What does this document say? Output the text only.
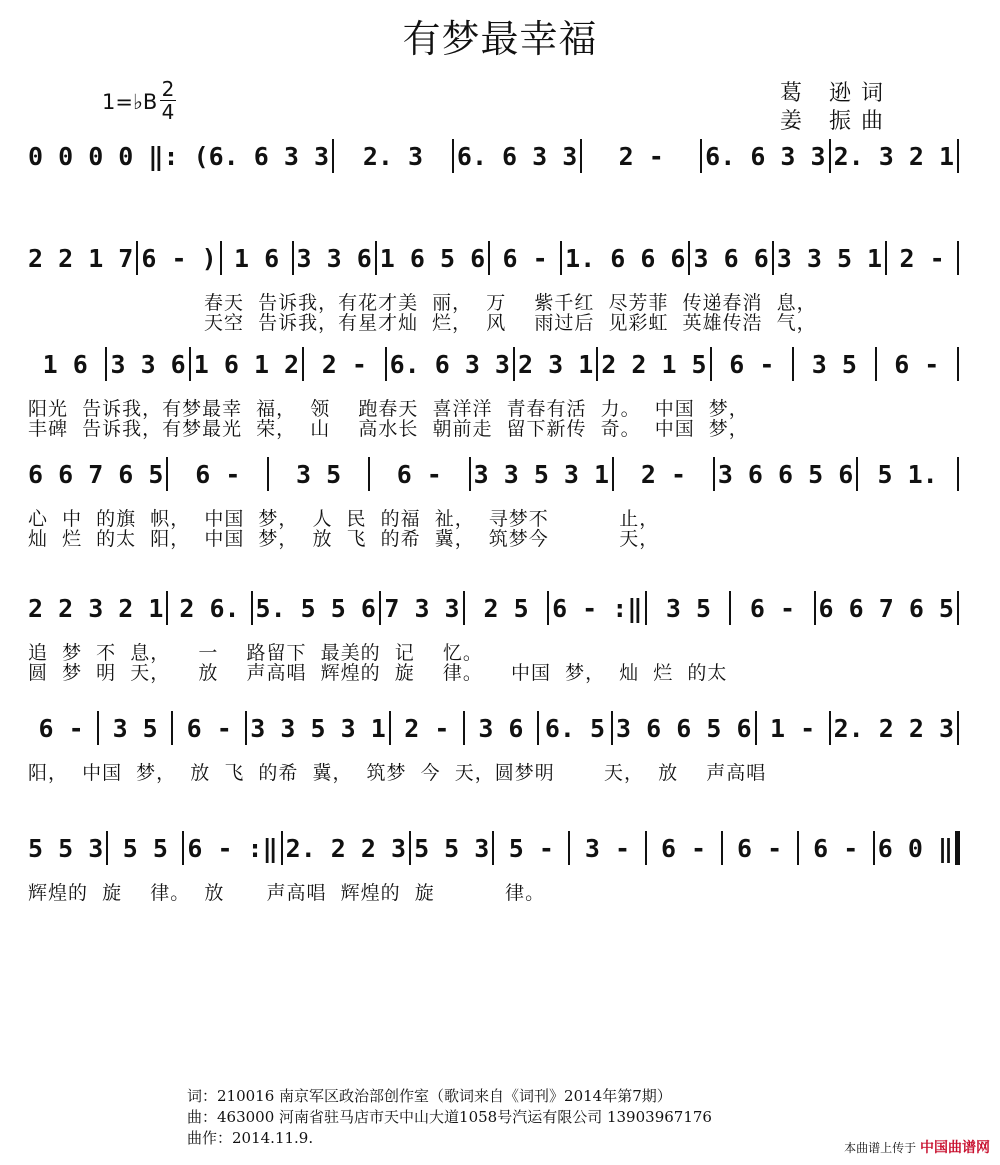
有梦最幸福
1=♭B
2
4
葛 逊词
姜 振曲
0 0 0 0 ‖: (6. 6 3 3	2. 3	6. 6 3 3	2 -	6. 6 3 3 2. 3 2 1
2 2 1 7 6 - ) 1 6 3 3 6 1 6 5 6 6 - 1. 6 6 6 3 6 6 3 3 5 1 2 -
春天  告诉我，有花才美  丽，  万    紫千红  尽芳菲  传递春消  息，
天空  告诉我，有星才灿  烂，  风    雨过后  见彩虹  英雄传浩  气，
1 6 3 3 6 1 6 1 2 2 - 6. 6 3 3 2 3 1 2 2 1 5 6 -	3 5	6 -
阳光  告诉我，有梦最幸  福，  领    跑春天  喜洋洋  青春有活  力。  中国  梦，
丰碑  告诉我，有梦最光  荣，  山    高水长  朝前走  留下新传  奇。  中国  梦，
6 6 7 6 5	6 -	3 5	6 -	3 3 5 3 1	2 -	3 6 6 5 6 5 1.
心  中  的旗  帜，  中国  梦，  人  民  的福  祉，  寻梦不          止，
灿  烂  的太  阳，  中国  梦，  放  飞  的希  冀，  筑梦今          天，
2 2 3 2 1 2 6. 5. 5 5 6 7 3 3 2 5 6 - :‖ 3 5	6 - 6 6 7 6 5
追  梦  不  息，    一    路留下  最美的  记    忆。
圆  梦  明  天，    放    声高唱  辉煌的  旋    律。    中国  梦，  灿  烂  的太
6 -	3 5	6 - 3 3 5 3 1 2 -	3 6 6. 5 3 6 6 5 6 1 - 2. 2 2 3
阳，  中国  梦，  放  飞  的希  冀，  筑梦  今  天，圆梦明       天，  放    声高唱
5 5 3 5 5 6 - :‖ 2. 2 2 3 5 5 3 5 -	3 -	6 -	6 -	6 - 6 0 ‖
辉煌的  旋    律。  放      声高唱  辉煌的  旋          律。
词：210016 南京军区政治部创作室（歌词来自《词刊》2014年第7期）
曲：463000 河南省驻马店市天中山大道1058号汽运有限公司 13903967176
曲作：2014.11.9.
本曲谱上传于 中国曲谱网
